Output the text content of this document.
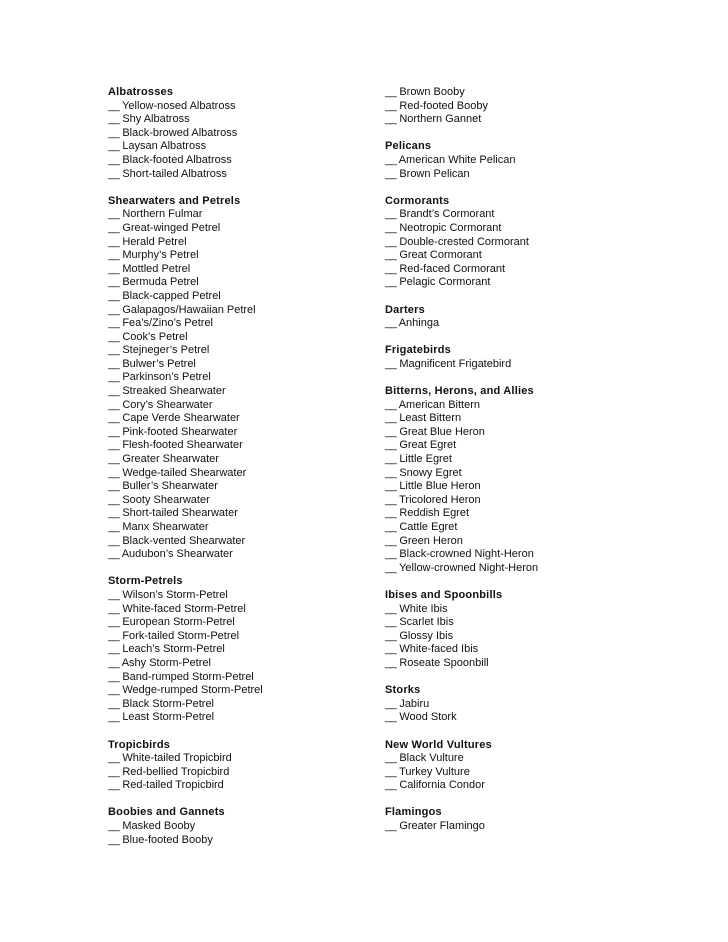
Albatrosses
__ Yellow-nosed Albatross
__ Shy Albatross
__ Black-browed Albatross
__ Laysan Albatross
__ Black-footed Albatross
__ Short-tailed Albatross
Shearwaters and Petrels
__ Northern Fulmar
__ Great-winged Petrel
__ Herald Petrel
__ Murphy’s Petrel
__ Mottled Petrel
__ Bermuda Petrel
__ Black-capped Petrel
__ Galapagos/Hawaiian Petrel
__ Fea’s/Zino’s Petrel
__ Cook’s Petrel
__ Stejneger’s Petrel
__ Bulwer’s Petrel
__ Parkinson’s Petrel
__ Streaked Shearwater
__ Cory’s Shearwater
__ Cape Verde Shearwater
__ Pink-footed Shearwater
__ Flesh-footed Shearwater
__ Greater Shearwater
__ Wedge-tailed Shearwater
__ Buller’s Shearwater
__ Sooty Shearwater
__ Short-tailed Shearwater
__ Manx Shearwater
__ Black-vented Shearwater
__ Audubon’s Shearwater
Storm-Petrels
__ Wilson’s Storm-Petrel
__ White-faced Storm-Petrel
__ European Storm-Petrel
__ Fork-tailed Storm-Petrel
__ Leach’s Storm-Petrel
__ Ashy Storm-Petrel
__ Band-rumped Storm-Petrel
__ Wedge-rumped Storm-Petrel
__ Black Storm-Petrel
__ Least Storm-Petrel
Tropicbirds
__ White-tailed Tropicbird
__ Red-bellied Tropicbird
__ Red-tailed Tropicbird
Boobies and Gannets
__ Masked Booby
__ Blue-footed Booby
__ Brown Booby
__ Red-footed Booby
__ Northern Gannet
Pelicans
__ American White Pelican
__ Brown Pelican
Cormorants
__ Brandt’s Cormorant
__ Neotropic Cormorant
__ Double-crested Cormorant
__ Great Cormorant
__ Red-faced Cormorant
__ Pelagic Cormorant
Darters
__ Anhinga
Frigatebirds
__ Magnificent Frigatebird
Bitterns, Herons, and Allies
__ American Bittern
__ Least Bittern
__ Great Blue Heron
__ Great Egret
__ Little Egret
__ Snowy Egret
__ Little Blue Heron
__ Tricolored Heron
__ Reddish Egret
__ Cattle Egret
__ Green Heron
__ Black-crowned Night-Heron
__ Yellow-crowned Night-Heron
Ibises and Spoonbills
__ White Ibis
__ Scarlet Ibis
__ Glossy Ibis
__ White-faced Ibis
__ Roseate Spoonbill
Storks
__ Jabiru
__ Wood Stork
New World Vultures
__ Black Vulture
__ Turkey Vulture
__ California Condor
Flamingos
__ Greater Flamingo
